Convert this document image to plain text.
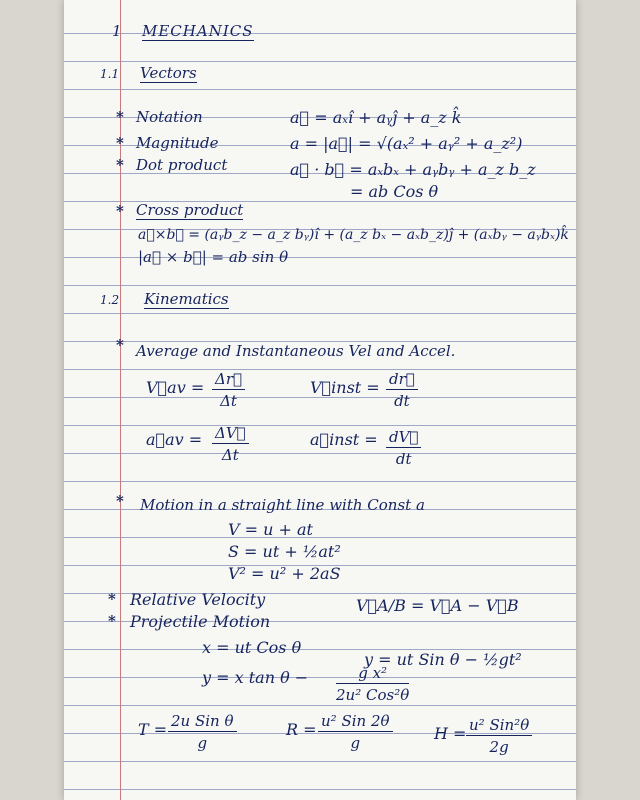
1 MECHANICS
1.1 Vectors
* Notation	a⃗ = aₓî + aᵧĵ + a_z k̂
* Magnitude	a = |a⃗| = √(aₓ² + aᵧ² + a_z²)
* Dot product	a⃗ · b⃗ = aₓbₓ + aᵧbᵧ + a_z b_z
= ab Cos θ
* Cross product
a⃗×b⃗ = (aᵧb_z − a_z bᵧ)î + (a_z bₓ − aₓb_z)ĵ + (aₓbᵧ − aᵧbₓ)k̂
|a⃗ × b⃗| = ab sin θ
1.2 Kinematics
* Average and Instantaneous Vel and Accel.
V⃗av = $\frac{\Delta r⃗}{\Delta t}$	V⃗inst = $\frac{dr⃗}{dt}$
a⃗av = $\frac{\Delta V⃗}{\Delta t}$	a⃗inst = $\frac{dV⃗}{dt}$
* Motion in a straight line with Const a
V = u + at
S = ut + ½at²
V² = u² + 2aS
* Relative Velocity	V⃗A/B = V⃗A − V⃗B
* Projectile Motion
x = ut Cos θ
y = ut Sin θ − ½gt²
y = x tan θ −	g x²
2u² Cos²θ
T = 2u Sin θ
g
R = u² Sin 2θ
g	H = u² Sin²θ
2g
